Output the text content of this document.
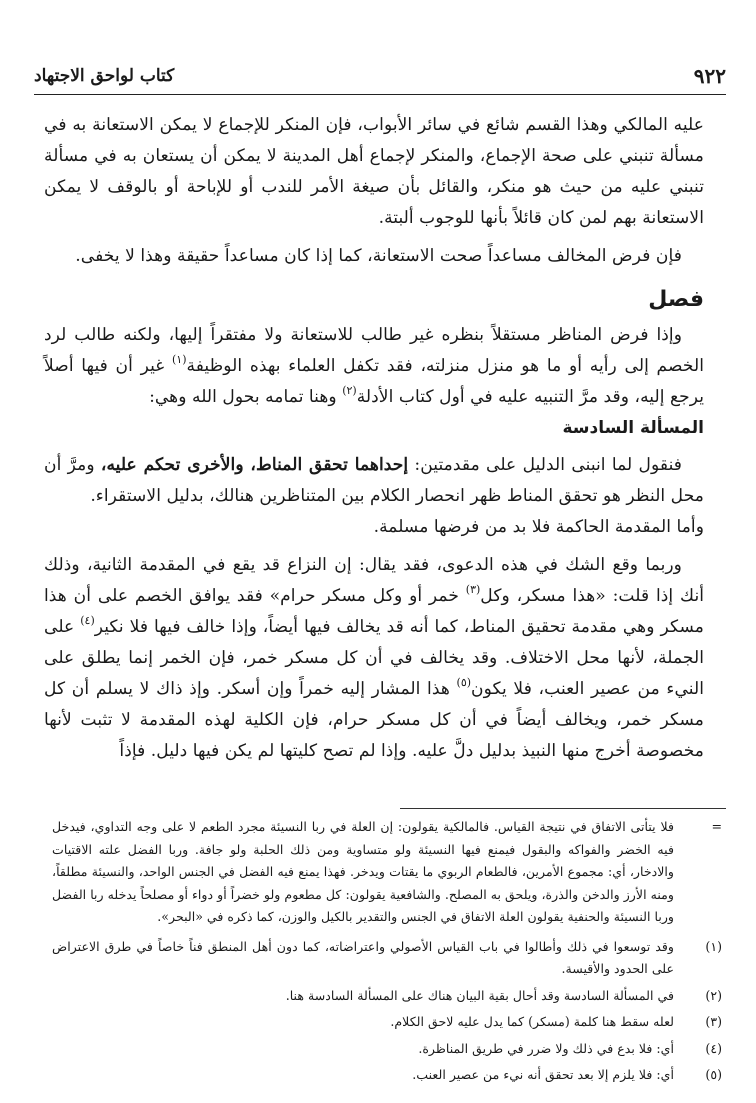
٩٢٢
كتاب لواحق الاجتهاد

عليه المالكي وهذا القسم شائع في سائر الأبواب، فإن المنكر للإجماع لا يمكن الاستعانة به في مسألة تنبني على صحة الإجماع، والمنكر لإجماع أهل المدينة لا يمكن أن يستعان به في مسألة تنبني عليه من حيث هو منكر، والقائل بأن صيغة الأمر للندب أو للإباحة أو بالوقف لا يمكن الاستعانة بهم لمن كان قائلاً بأنها للوجوب ألبتة.

فإن فرض المخالف مساعداً صحت الاستعانة، كما إذا كان مساعداً حقيقة وهذا لا يخفى.

فصل

وإذا فرض المناظر مستقلاً بنظره غير طالب للاستعانة ولا مفتقراً إليها، ولكنه طالب لرد الخصم إلى رأيه أو ما هو منزل منزلته، فقد تكفل العلماء بهذه الوظيفة$^{(١)}$ غير أن فيها أصلاً يرجع إليه، وقد مرَّ التنبيه عليه في أول كتاب الأدلة$^{(٢)}$ وهنا تمامه بحول الله وهي:

المسألة السادسة

فنقول لما انبنى الدليل على مقدمتين: إحداهما تحقق المناط، والأخرى تحكم عليه، ومرَّ أن محل النظر هو تحقق المناط ظهر انحصار الكلام بين المتناظرين هنالك، بدليل الاستقراء.

وأما المقدمة الحاكمة فلا بد من فرضها مسلمة.

وربما وقع الشك في هذه الدعوى، فقد يقال: إن النزاع قد يقع في المقدمة الثانية، وذلك أنك إذا قلت: «هذا مسكر، وكل$^{(٣)}$ خمر أو وكل مسكر حرام» فقد يوافق الخصم على أن هذا مسكر وهي مقدمة تحقيق المناط، كما أنه قد يخالف فيها أيضاً، وإذا خالف فيها فلا نكير$^{(٤)}$ على الجملة، لأنها محل الاختلاف. وقد يخالف في أن كل مسكر خمر، فإن الخمر إنما يطلق على النيء من عصير العنب، فلا يكون$^{(٥)}$ هذا المشار إليه خمراً وإن أسكر. وإذ ذاك لا يسلم أن كل مسكر خمر، ويخالف أيضاً في أن كل مسكر حرام، فإن الكلية لهذه المقدمة لا تثبت لأنها مخصوصة أخرج منها النبيذ بدليل دلَّ عليه. وإذا لم تصح كليتها لم يكن فيها دليل. فإذاً

=
فلا يتأتى الاتفاق في نتيجة القياس. فالمالكية يقولون: إن العلة في ربا النسيئة مجرد الطعم لا على وجه التداوي، فيدخل فيه الخضر والفواكه والبقول فيمنع فيها النسيئة ولو متساوية ومن ذلك الحلبة ولو جافة. وربا الفضل علته الاقتيات والادخار، أي: مجموع الأمرين، فالطعام الربوي ما يقتات ويدخر. فهذا يمنع فيه الفضل في الجنس الواحد، والنسيئة مطلقاً، ومنه الأرز والدخن والذرة، ويلحق به المصلح. والشافعية يقولون: كل مطعوم ولو خضراً أو دواء أو مصلحاً يدخله ربا الفضل وربا النسيئة والحنفية يقولون العلة الاتفاق في الجنس والتقدير بالكيل والوزن، كما ذكره في «البحر».
(١)
وقد توسعوا في ذلك وأطالوا في باب القياس الأصولي واعتراضاته، كما دون أهل المنطق فناً خاصاً في طرق الاعتراض على الحدود والأقيسة.
(٢)
في المسألة السادسة وقد أحال بقية البيان هناك على المسألة السادسة هنا.
(٣)
لعله سقط هنا كلمة (مسكر) كما يدل عليه لاحق الكلام.
(٤)
أي: فلا بدع في ذلك ولا ضرر في طريق المناظرة.
(٥)
أي: فلا يلزم إلا بعد تحقق أنه نيء من عصير العنب.
